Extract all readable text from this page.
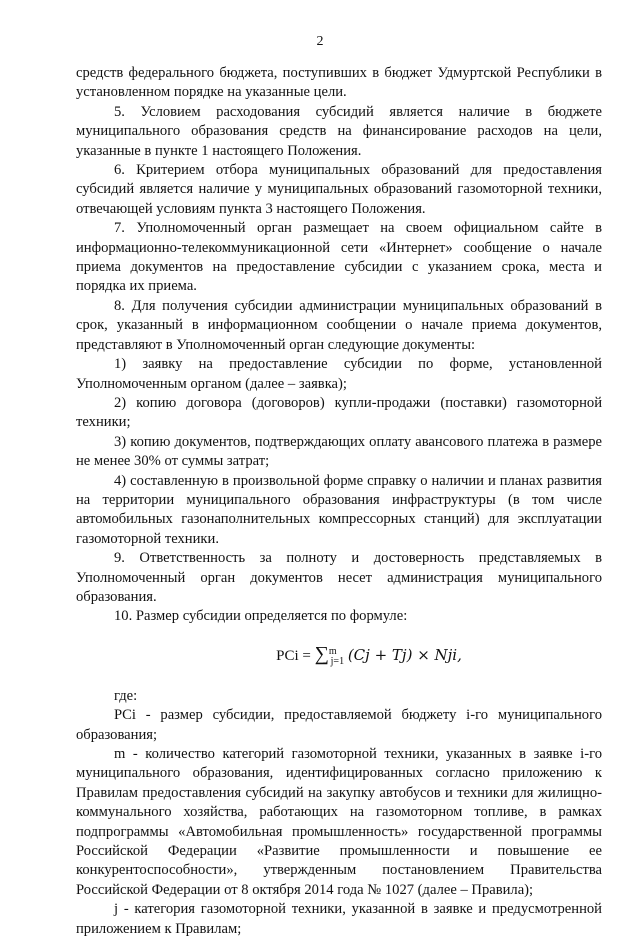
2

средств федерального бюджета, поступивших в бюджет Удмуртской Республики в установленном порядке на указанные цели.

5. Условием расходования субсидий является наличие в бюджете муниципального образования средств на финансирование расходов на цели, указанные в пункте 1 настоящего Положения.

6. Критерием отбора муниципальных образований для предоставления субсидий является наличие у муниципальных образований газомоторной техники, отвечающей условиям пункта 3 настоящего Положения.

7. Уполномоченный орган размещает на своем официальном сайте в информационно-телекоммуникационной сети «Интернет» сообщение о начале приема документов на предоставление субсидии с указанием срока, места и порядка их приема.

8. Для получения субсидии администрации муниципальных образований в срок, указанный в информационном сообщении о начале приема документов, представляют в Уполномоченный орган следующие документы:

1) заявку на предоставление субсидии по форме, установленной Уполномоченным органом (далее – заявка);

2) копию договора (договоров) купли-продажи (поставки) газомоторной техники;

3) копию документов, подтверждающих оплату авансового платежа в размере не менее 30% от суммы затрат;

4) составленную в произвольной форме справку о наличии и планах развития на территории муниципального образования инфраструктуры (в том числе автомобильных газонаполнительных компрессорных станций) для эксплуатации газомоторной техники.

9. Ответственность за полноту и достоверность представляемых в Уполномоченный орган документов несет администрация муниципального образования.

10. Размер субсидии определяется по формуле:

PCi = ∑$^m_{j=1}$ (Cj + Tj) × Nji,

где:

PCi - размер субсидии, предоставляемой бюджету i-го муниципального образования;

m - количество категорий газомоторной техники, указанных в заявке i-го муниципального образования, идентифицированных согласно приложению к Правилам предоставления субсидий на закупку автобусов и техники для жилищно-коммунального хозяйства, работающих на газомоторном топливе, в рамках подпрограммы «Автомобильная промышленность» государственной программы Российской Федерации «Развитие промышленности и повышение ее конкурентоспособности», утвержденным постановлением Правительства Российской Федерации от 8 октября 2014 года № 1027 (далее – Правила);

j - категория газомоторной техники, указанной в заявке и предусмотренной приложением к Правилам;
